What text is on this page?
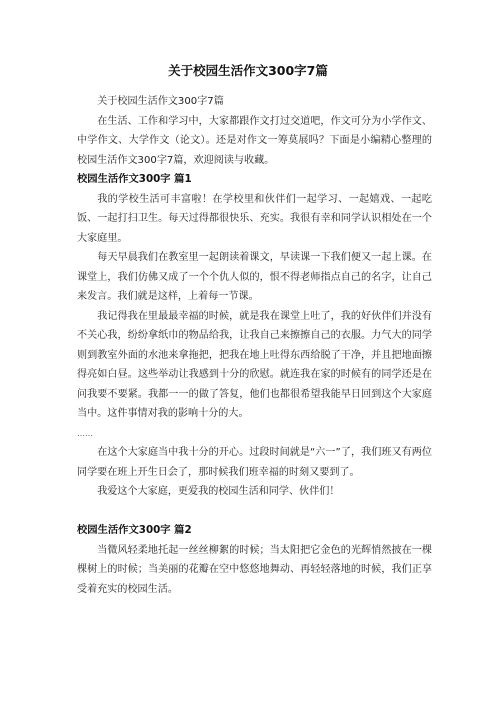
关于校园生活作文300字7篇

关于校园生活作文300字7篇

在生活、工作和学习中，大家都跟作文打过交道吧，作文可分为小学作文、中学作文、大学作文（论文）。还是对作文一筹莫展吗？下面是小编精心整理的校园生活作文300字7篇，欢迎阅读与收藏。

校园生活作文300字 篇1

我的学校生活可丰富啦！在学校里和伙伴们一起学习、一起嬉戏、一起吃饭、一起打扫卫生。每天过得都很快乐、充实。我很有幸和同学认识相处在一个大家庭里。

每天早晨我们在教室里一起朗读着课文，早读课一下我们便又一起上课。在课堂上，我们仿佛又成了一个个仇人似的，恨不得老师指点自己的名字，让自己来发言。我们就是这样，上着每一节课。

我记得我在里最最幸福的时候，就是我在课堂上吐了，我的好伙伴们并没有不关心我，纷纷拿纸巾的物品给我，让我自己来擦擦自己的衣服。力气大的同学则到教室外面的水池来拿拖把，把我在地上吐得东西给脱了干净，并且把地面擦得亮如白昼。这些举动让我感到十分的欣慰。就连我在家的时候有的同学还是在问我要不要紧。我都一一的做了答复，他们也都很希望我能早日回到这个大家庭当中。这件事情对我的影响十分的大。

……

在这个大家庭当中我十分的开心。过段时间就是“六一”了，我们班又有两位同学要在班上开生日会了，那时候我们班幸福的时刻又要到了。

我爱这个大家庭，更爱我的校园生活和同学、伙伴们！

校园生活作文300字 篇2

当微风轻柔地托起一丝丝柳絮的时候；当太阳把它金色的光辉悄然披在一棵棵树上的时候；当美丽的花瓣在空中悠悠地舞动、再轻轻落地的时候，我们正享受着充实的校园生活。
